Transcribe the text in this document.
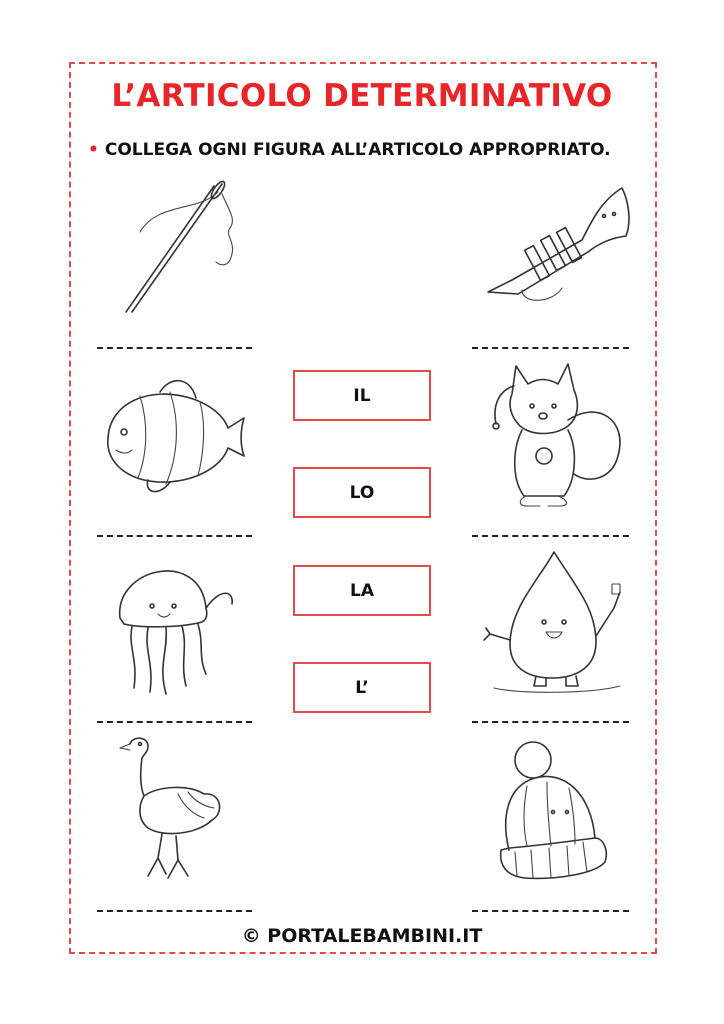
L’ARTICOLO DETERMINATIVO
• COLLEGA OGNI FIGURA ALL’ARTICOLO APPROPRIATO.
IL
LO
LA
L’
© PORTALEBAMBINI.IT
